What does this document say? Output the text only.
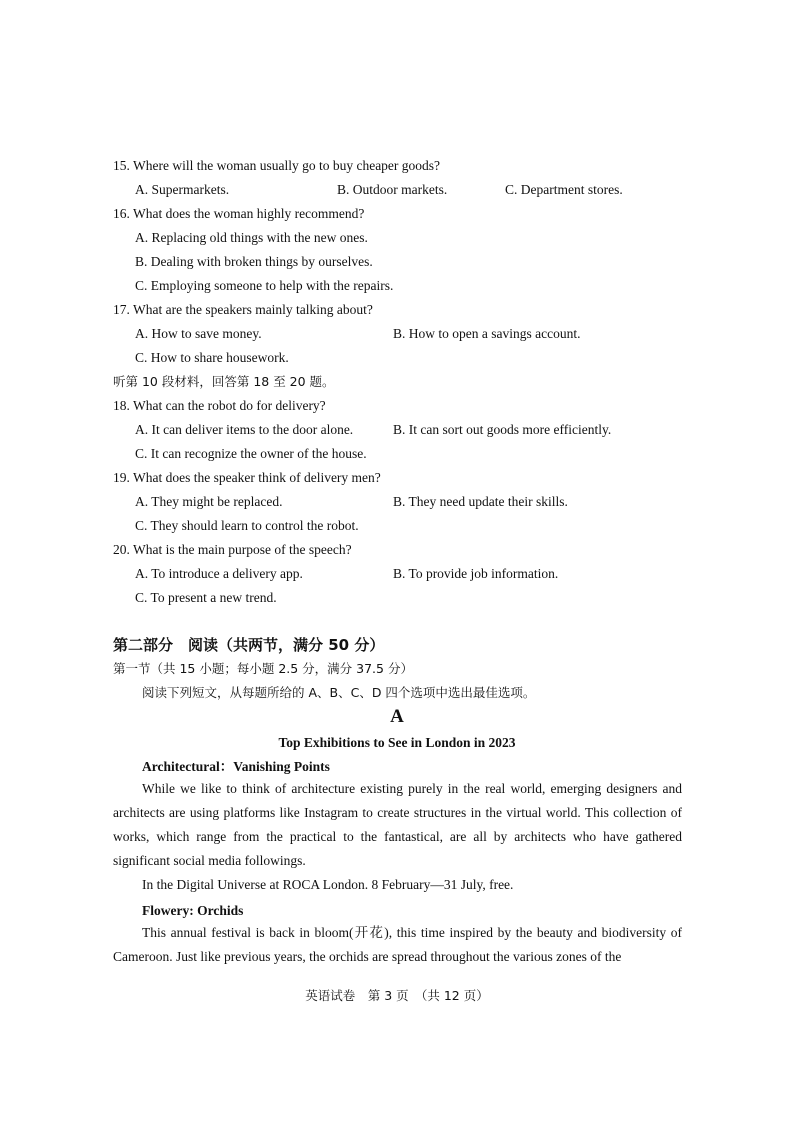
15. Where will the woman usually go to buy cheaper goods?
A. Supermarkets.	B. Outdoor markets.	C. Department stores.
16. What does the woman highly recommend?
A. Replacing old things with the new ones.
B. Dealing with broken things by ourselves.
C. Employing someone to help with the repairs.
17. What are the speakers mainly talking about?
A. How to save money.	B. How to open a savings account.
C. How to share housework.
听第 10 段材料，回答第 18 至 20 题。
18. What can the robot do for delivery?
A. It can deliver items to the door alone.	B. It can sort out goods more efficiently.
C. It can recognize the owner of the house.
19. What does the speaker think of delivery men?
A. They might be replaced.	B. They need update their skills.
C. They should learn to control the robot.
20. What is the main purpose of the speech?
A. To introduce a delivery app.	B. To provide job information.
C. To present a new trend.
第二部分　阅读（共两节，满分 50 分）
第一节（共 15 小题；每小题 2.5 分，满分 37.5 分）
阅读下列短文，从每题所给的 A、B、C、D 四个选项中选出最佳选项。
A
Top Exhibitions to See in London in 2023
Architectural：Vanishing Points

While we like to think of architecture existing purely in the real world, emerging designers and architects are using platforms like Instagram to create structures in the virtual world. This collection of works, which range from the practical to the fantastical, are all by architects who have gathered significant social media followings.

In the Digital Universe at ROCA London. 8 February—31 July, free.

Flowery: Orchids

This annual festival is back in bloom(开花), this time inspired by the beauty and biodiversity of Cameroon. Just like previous years, the orchids are spread throughout the various zones of the

英语试卷　第 3 页　（共 12 页）
